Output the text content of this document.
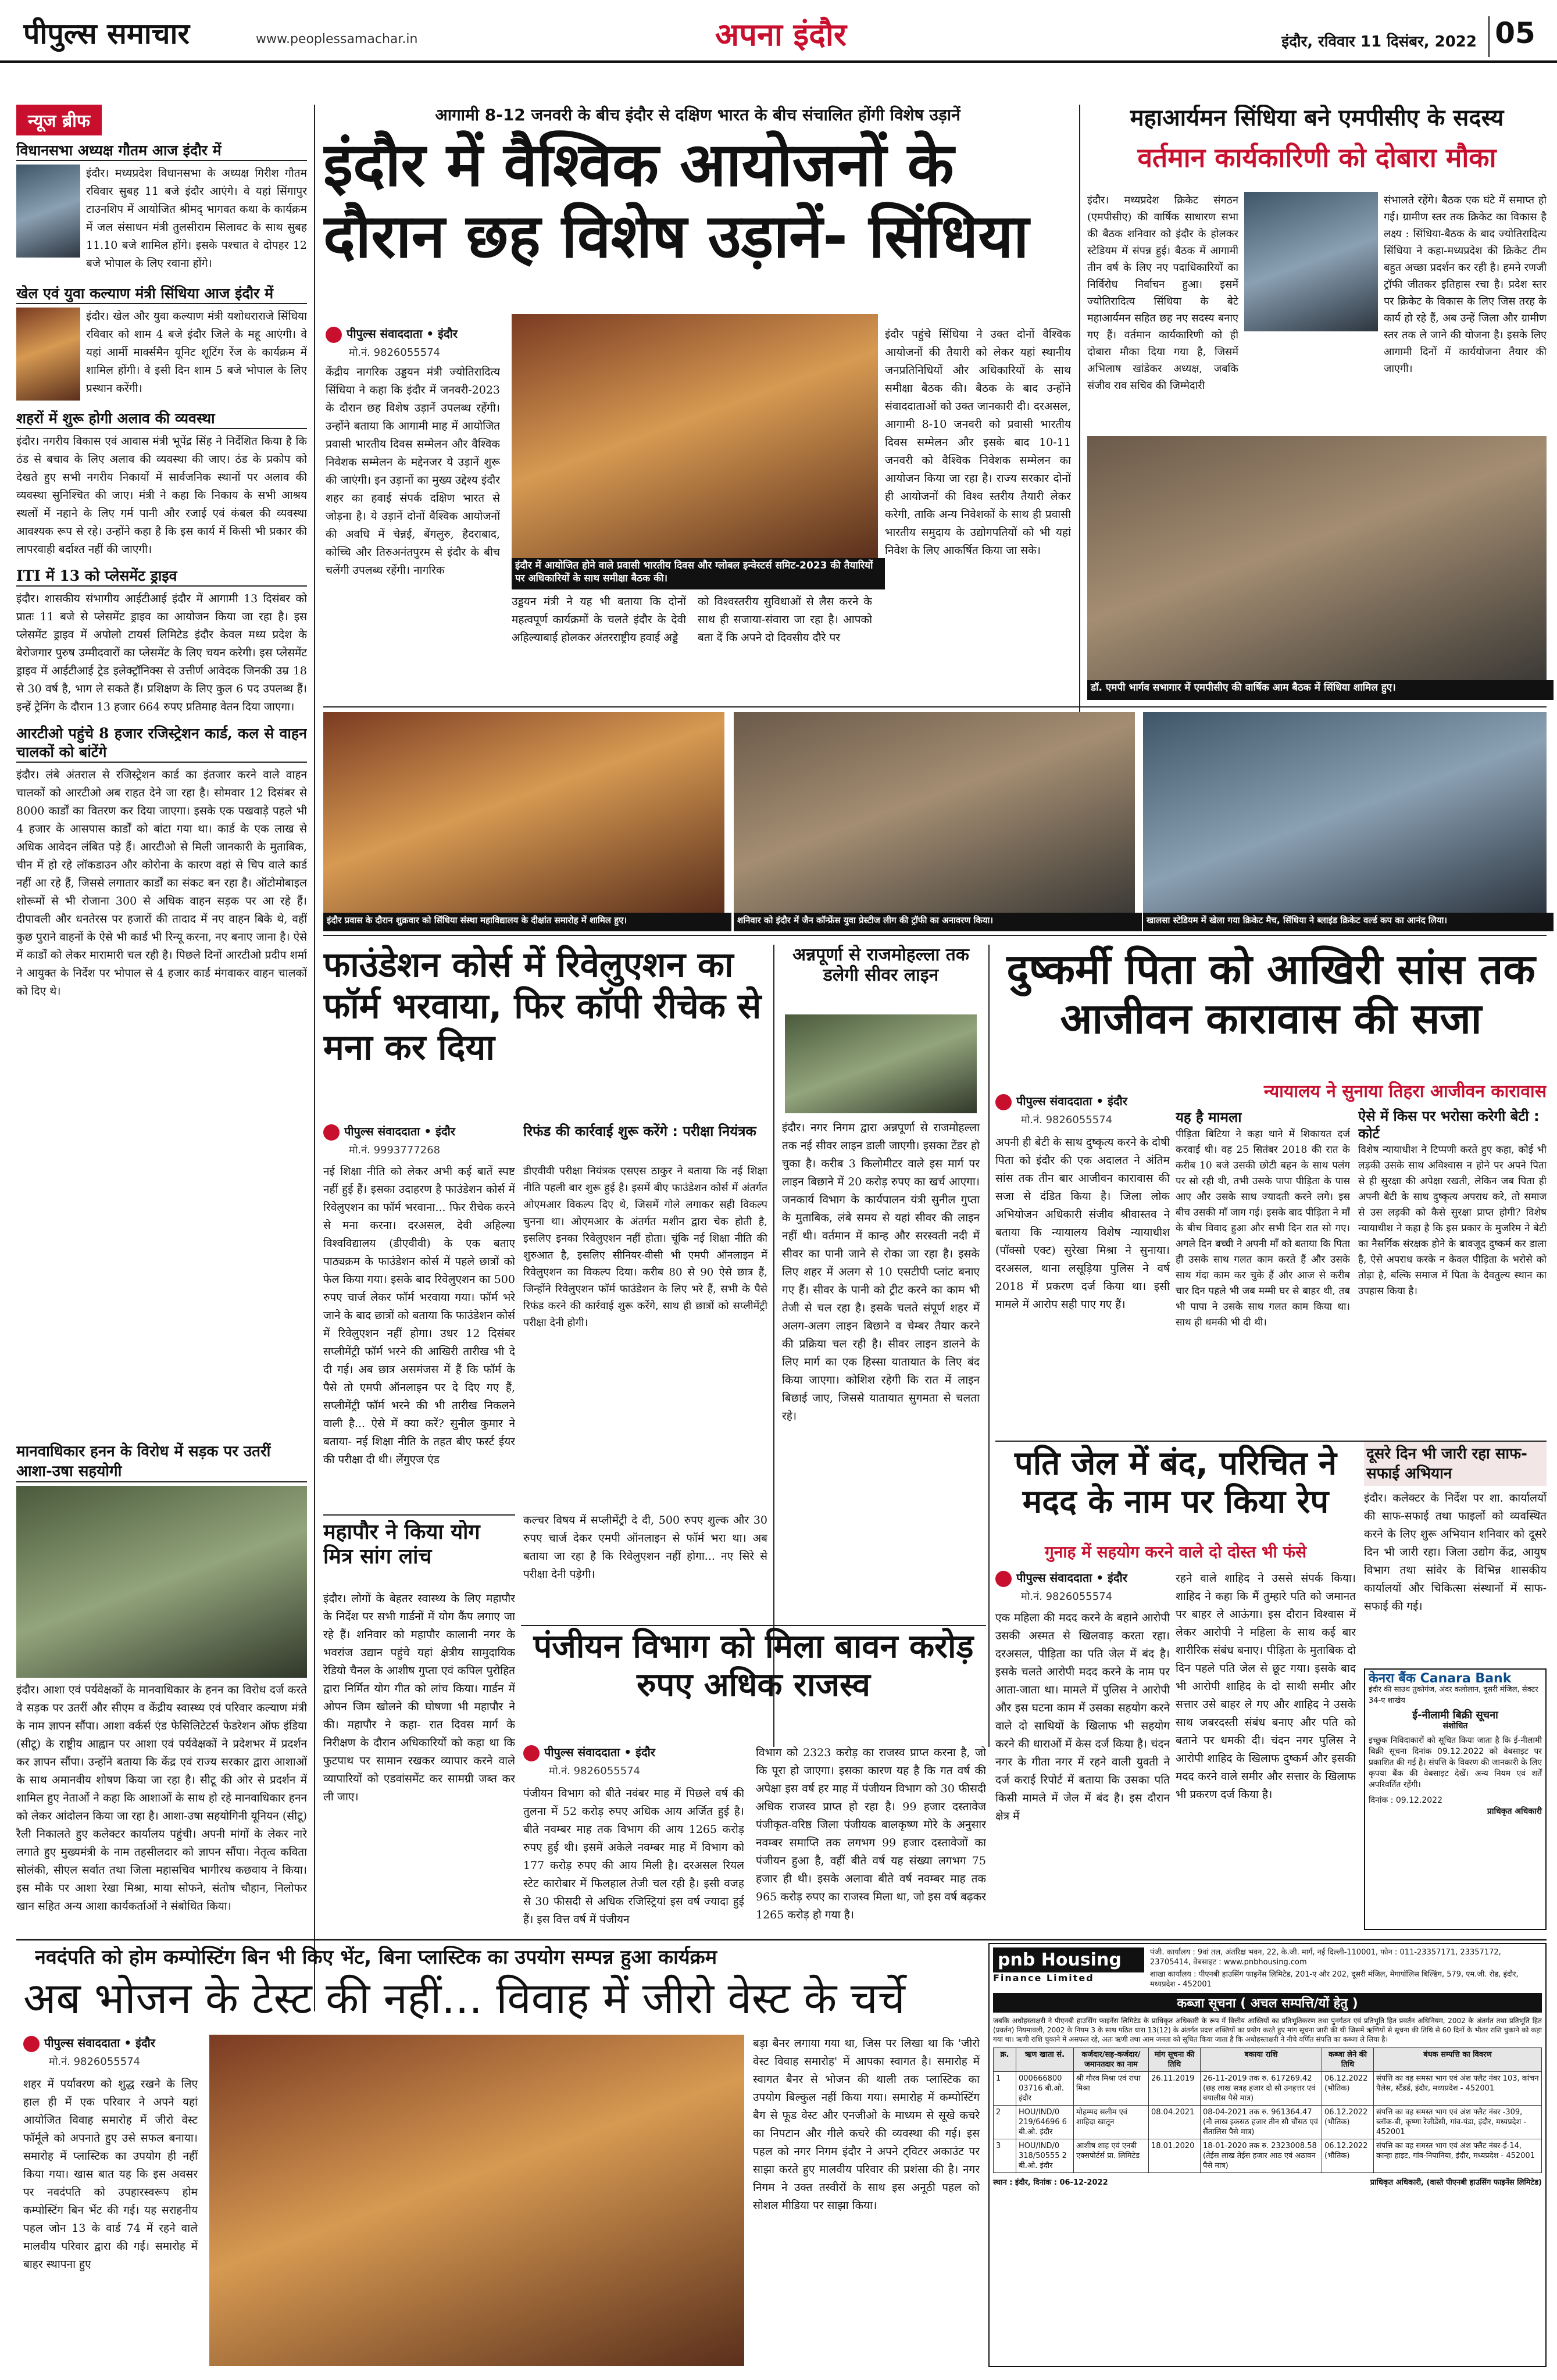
पीपुल्स समाचार	www.peoplessamachar.in	अपना इंदौर	इंदौर, रविवार 11 दिसंबर, 2022 05
न्यूज ब्रीफ
विधानसभा अध्यक्ष गौतम आज इंदौर में

इंदौर। मध्यप्रदेश विधानसभा के अध्यक्ष गिरीश गौतम रविवार सुबह 11 बजे इंदौर आएंगे। वे यहां सिंगापुर टाउनशिप में आयोजित श्रीमद् भागवत कथा के कार्यक्रम में जल संसाधन मंत्री तुलसीराम सिलावट के साथ सुबह 11.10 बजे शामिल होंगे। इसके पश्चात वे दोपहर 12 बजे भोपाल के लिए रवाना होंगे।

खेल एवं युवा कल्याण मंत्री सिंधिया आज इंदौर में

इंदौर। खेल और युवा कल्याण मंत्री यशोधराराजे सिंधिया रविवार को शाम 4 बजे इंदौर जिले के महू आएंगी। वे यहां आर्मी मार्क्समैन यूनिट शूटिंग रेंज के कार्यक्रम में शामिल होंगी। वे इसी दिन शाम 5 बजे भोपाल के लिए प्रस्थान करेंगी।

शहरों में शुरू होगी अलाव की व्यवस्था

इंदौर। नगरीय विकास एवं आवास मंत्री भूपेंद्र सिंह ने निर्देशित किया है कि ठंड से बचाव के लिए अलाव की व्यवस्था की जाए। ठंड के प्रकोप को देखते हुए सभी नगरीय निकायों में सार्वजनिक स्थानों पर अलाव की व्यवस्था सुनिश्चित की जाए। मंत्री ने कहा कि निकाय के सभी आश्रय स्थलों में नहाने के लिए गर्म पानी और रजाई एवं कंबल की व्यवस्था आवश्यक रूप से रहे। उन्होंने कहा है कि इस कार्य में किसी भी प्रकार की लापरवाही बर्दाश्त नहीं की जाएगी।

ITI में 13 को प्लेसमेंट ड्राइव

इंदौर। शासकीय संभागीय आईटीआई इंदौर में आगामी 13 दिसंबर को प्रातः 11 बजे से प्लेसमेंट ड्राइव का आयोजन किया जा रहा है। इस प्लेसमेंट ड्राइव में अपोलो टायर्स लिमिटेड इंदौर केवल मध्य प्रदेश के बेरोजगार पुरुष उम्मीदवारों का प्लेसमेंट के लिए चयन करेगी। इस प्लेसमेंट ड्राइव में आईटीआई ट्रेड इलेक्ट्रॉनिक्स से उत्तीर्ण आवेदक जिनकी उम्र 18 से 30 वर्ष है, भाग ले सकते हैं। प्रशिक्षण के लिए कुल 6 पद उपलब्ध हैं। इन्हें ट्रेनिंग के दौरान 13 हजार 664 रुपए प्रतिमाह वेतन दिया जाएगा।

आरटीओ पहुंचे 8 हजार रजिस्ट्रेशन कार्ड, कल से वाहन चालकों को बांटेंगे

इंदौर। लंबे अंतराल से रजिस्ट्रेशन कार्ड का इंतजार करने वाले वाहन चालकों को आरटीओ अब राहत देने जा रहा है। सोमवार 12 दिसंबर से 8000 कार्डों का वितरण कर दिया जाएगा। इसके एक पखवाड़े पहले भी 4 हजार के आसपास कार्डों को बांटा गया था। कार्ड के एक लाख से अधिक आवेदन लंबित पड़े हैं। आरटीओ से मिली जानकारी के मुताबिक, चीन में हो रहे लॉकडाउन और कोरोना के कारण वहां से चिप वाले कार्ड नहीं आ रहे हैं, जिससे लगातार कार्डों का संकट बन रहा है। ऑटोमोबाइल शोरूमों से भी रोजाना 300 से अधिक वाहन सड़क पर आ रहे हैं। दीपावली और धनतेरस पर हजारों की तादाद में नए वाहन बिके थे, वहीं कुछ पुराने वाहनों के ऐसे भी कार्ड भी रिन्यू करना, नए बनाए जाना है। ऐसे में कार्डों को लेकर मारामारी चल रही है। पिछले दिनों आरटीओ प्रदीप शर्मा ने आयुक्त के निर्देश पर भोपाल से 4 हजार कार्ड मंगवाकर वाहन चालकों को दिए थे।

मानवाधिकार हनन के विरोध में सड़क पर उतरीं आशा-उषा सहयोगी

इंदौर। आशा एवं पर्यवेक्षकों के मानवाधिकार के हनन का विरोध दर्ज करते वे सड़क पर उतरीं और सीएम व केंद्रीय स्वास्थ्य एवं परिवार कल्याण मंत्री के नाम ज्ञापन सौंपा। आशा वर्कर्स एंड फेसिलिटेटर्स फेडरेशन ऑफ इंडिया (सीटू) के राष्ट्रीय आह्वान पर आशा एवं पर्यवेक्षकों ने प्रदेशभर में प्रदर्शन कर ज्ञापन सौंपा। उन्होंने बताया कि केंद्र एवं राज्य सरकार द्वारा आशाओं के साथ अमानवीय शोषण किया जा रहा है। सीटू की ओर से प्रदर्शन में शामिल हुए नेताओं ने कहा कि आशाओं के साथ हो रहे मानवाधिकार हनन को लेकर आंदोलन किया जा रहा है। आशा-उषा सहयोगिनी यूनियन (सीटू) रैली निकालते हुए कलेक्टर कार्यालय पहुंची। अपनी मांगों के लेकर नारे लगाते हुए मुख्यमंत्री के नाम तहसीलदार को ज्ञापन सौंपा। नेतृत्व कविता सोलंकी, सीएल सर्वात तथा जिला महासचिव भागीरथ कछवाय ने किया। इस मौके पर आशा रेखा मिश्रा, माया सोफने, संतोष चौहान, निलोफर खान सहित अन्य आशा कार्यकर्ताओं ने संबोधित किया।

आगामी 8-12 जनवरी के बीच इंदौर से दक्षिण भारत के बीच संचालित होंगी विशेष उड़ानें
इंदौर में वैश्विक आयोजनों के दौरान छह विशेष उड़ानें- सिंधिया
पीपुल्स संवाददाता • इंदौर
मो.नं. 9826055574

केंद्रीय नागरिक उड्डयन मंत्री ज्योतिरादित्य सिंधिया ने कहा कि इंदौर में जनवरी-2023 के दौरान छह विशेष उड़ानें उपलब्ध रहेंगी। उन्होंने बताया कि आगामी माह में आयोजित प्रवासी भारतीय दिवस सम्मेलन और वैश्विक निवेशक सम्मेलन के मद्देनजर ये उड़ानें शुरू की जाएंगी। इन उड़ानों का मुख्य उद्देश्य इंदौर शहर का हवाई संपर्क दक्षिण भारत से जोड़ना है। ये उड़ानें दोनों वैश्विक आयोजनों की अवधि में चेन्नई, बेंगलुरु, हैदराबाद, कोच्चि और तिरुअनंतपुरम से इंदौर के बीच चलेंगी उपलब्ध रहेंगी। नागरिक	इंदौर में आयोजित होने वाले प्रवासी भारतीय दिवस और ग्लोबल इन्वेस्टर्स समिट-2023 की तैयारियों पर अधिकारियों के साथ समीक्षा बैठक की।

उड्डयन मंत्री ने यह भी बताया कि दोनों महत्वपूर्ण कार्यक्रमों के चलते इंदौर के देवी अहिल्याबाई होलकर अंतरराष्ट्रीय हवाई अड्डे

को विश्वस्तरीय सुविधाओं से लैस करने के साथ ही सजाया-संवारा जा रहा है। आपको बता दें कि अपने दो दिवसीय दौरे पर

इंदौर पहुंचे सिंधिया ने उक्त दोनों वैश्विक आयोजनों की तैयारी को लेकर यहां स्थानीय जनप्रतिनिधियों और अधिकारियों के साथ समीक्षा बैठक की। बैठक के बाद उन्होंने संवाददाताओं को उक्त जानकारी दी। दरअसल, आगामी 8-10 जनवरी को प्रवासी भारतीय दिवस सम्मेलन और इसके बाद 10-11 जनवरी को वैश्विक निवेशक सम्मेलन का आयोजन किया जा रहा है। राज्य सरकार दोनों ही आयोजनों की विश्व स्तरीय तैयारी लेकर करेगी, ताकि अन्य निवेशकों के साथ ही प्रवासी भारतीय समुदाय के उद्योगपतियों को भी यहां निवेश के लिए आकर्षित किया जा सके।

महाआर्यमन सिंधिया बने एमपीसीए के सदस्य
वर्तमान कार्यकारिणी को दोबारा मौका

इंदौर। मध्यप्रदेश क्रिकेट संगठन (एमपीसीए) की वार्षिक साधारण सभा की बैठक शनिवार को इंदौर के होलकर स्टेडियम में संपन्न हुई। बैठक में आगामी तीन वर्ष के लिए नए पदाधिकारियों का निर्विरोध निर्वाचन हुआ। इसमें ज्योतिरादित्य सिंधिया के बेटे महाआर्यमन सहित छह नए सदस्य बनाए गए हैं। वर्तमान कार्यकारिणी को ही दोबारा मौका दिया गया है, जिसमें अभिलाष खांडेकर अध्यक्ष, जबकि संजीव राव सचिव की जिम्मेदारी

संभालते रहेंगे। बैठक एक घंटे में समाप्त हो गई। ग्रामीण स्तर तक क्रिकेट का विकास है लक्ष्य : सिंधिया-बैठक के बाद ज्योतिरादित्य सिंधिया ने कहा-मध्यप्रदेश की क्रिकेट टीम बहुत अच्छा प्रदर्शन कर रही है। हमने रणजी ट्रॉफी जीतकर इतिहास रचा है। प्रदेश स्तर पर क्रिकेट के विकास के लिए जिस तरह के कार्य हो रहे हैं, अब उन्हें जिला और ग्रामीण स्तर तक ले जाने की योजना है। इसके लिए आगामी दिनों में कार्ययोजना तैयार की जाएगी।

डॉ. एमपी भार्गव सभागार में एमपीसीए की वार्षिक आम बैठक में सिंधिया शामिल हुए।
इंदौर प्रवास के दौरान शुक्रवार को सिंधिया संस्था महाविद्यालय के दीक्षांत समारोह में शामिल हुए।	शनिवार को इंदौर में जैन कॉन्फ्रेंस युवा प्रेस्टीज लीग की ट्रॉफी का अनावरण किया।	खालसा स्टेडियम में खेला गया क्रिकेट मैच, सिंधिया ने ब्लाइंड क्रिकेट वर्ल्ड कप का आनंद लिया।
फाउंडेशन कोर्स में रिवेलुएशन का फॉर्म भरवाया, फिर कॉपी रीचेक से मना कर दिया
पीपुल्स संवाददाता • इंदौर
मो.नं. 9993777268

नई शिक्षा नीति को लेकर अभी कई बातें स्पष्ट नहीं हुई हैं। इसका उदाहरण है फाउंडेशन कोर्स में रिवेलुएशन का फॉर्म भरवाना... फिर रीचेक करने से मना करना। दरअसल, देवी अहिल्या विश्वविद्यालय (डीएवीवी) के एक बताए पाठ्यक्रम के फाउंडेशन कोर्स में पहले छात्रों को फेल किया गया। इसके बाद रिवेलुएशन का 500 रुपए चार्ज लेकर फॉर्म भरवाया गया। फॉर्म भरे जाने के बाद छात्रों को बताया कि फाउंडेशन कोर्स में रिवेलुएशन नहीं होगा। उधर 12 दिसंबर सप्लीमेंट्री फॉर्म भरने की आखिरी तारीख भी दे दी गई। अब छात्र असमंजस में हैं कि फॉर्म के पैसे तो एमपी ऑनलाइन पर दे दिए गए हैं, सप्लीमेंट्री फॉर्म भरने की भी तारीख निकलने वाली है... ऐसे में क्या करें? सुनील कुमार ने बताया- नई शिक्षा नीति के तहत बीए फर्स्ट ईयर की परीक्षा दी थी। लेंगुएज एंड

रिफंड की कार्रवाई शुरू करेंगे : परीक्षा नियंत्रक

डीएवीवी परीक्षा नियंत्रक एसएस ठाकुर ने बताया कि नई शिक्षा नीति पहली बार शुरू हुई है। इसमें बीए फाउंडेशन कोर्स में अंतर्गत ओएमआर विकल्प दिए थे, जिसमें गोले लगाकर सही विकल्प चुनना था। ओएमआर के अंतर्गत मशीन द्वारा चेक होती है, इसलिए इनका रिवेलुएशन नहीं होता। चूंकि नई शिक्षा नीति की शुरुआत है, इसलिए सीनियर-वीसी भी एमपी ऑनलाइन में रिवेलुएशन का विकल्प दिया। करीब 80 से 90 ऐसे छात्र हैं, जिन्होंने रिवेलुएशन फॉर्म फाउंडेशन के लिए भरे हैं, सभी के पैसे रिफंड करने की कार्रवाई शुरू करेंगे, साथ ही छात्रों को सप्लीमेंट्री परीक्षा देनी होगी।

कल्चर विषय में सप्लीमेंट्री दे दी, 500 रुपए शुल्क और 30 रुपए चार्ज देकर एमपी ऑनलाइन से फॉर्म भरा था। अब बताया जा रहा है कि रिवेलुएशन नहीं होगा... नए सिरे से परीक्षा देनी पड़ेगी।

महापौर ने किया योग मित्र सांग लांच

इंदौर। लोगों के बेहतर स्वास्थ्य के लिए महापौर के निर्देश पर सभी गार्डनों में योग कैंप लगाए जा रहे हैं। शनिवार को महापौर कालानी नगर के भवरांज उद्यान पहुंचे यहां क्षेत्रीय सामुदायिक रेडियो चैनल के आशीष गुप्ता एवं कपिल पुरोहित द्वारा निर्मित योग गीत को लांच किया। गार्डन में ओपन जिम खोलने की घोषणा भी महापौर ने की। महापौर ने कहा- रात दिवस मार्ग के निरीक्षण के दौरान अधिकारियों को कहा था कि फुटपाथ पर सामान रखकर व्यापार करने वाले व्यापारियों को एडवांसमेंट कर सामग्री जब्त कर ली जाए।

अन्नपूर्णा से राजमोहल्ला तक डलेगी सीवर लाइन

इंदौर। नगर निगम द्वारा अन्नपूर्णा से राजमोहल्ला तक नई सीवर लाइन डाली जाएगी। इसका टेंडर हो चुका है। करीब 3 किलोमीटर वाले इस मार्ग पर लाइन बिछाने में 20 करोड़ रुपए का खर्च आएगा। जनकार्य विभाग के कार्यपालन यंत्री सुनील गुप्ता के मुताबिक, लंबे समय से यहां सीवर की लाइन नहीं थी। वर्तमान में कान्ह और सरस्वती नदी में सीवर का पानी जाने से रोका जा रहा है। इसके लिए शहर में अलग से 10 एसटीपी प्लांट बनाए गए हैं। सीवर के पानी को ट्रीट करने का काम भी तेजी से चल रहा है। इसके चलते संपूर्ण शहर में अलग-अलग लाइन बिछाने व चेम्बर तैयार करने की प्रक्रिया चल रही है। सीवर लाइन डालने के लिए मार्ग का एक हिस्सा यातायात के लिए बंद किया जाएगा। कोशिश रहेगी कि रात में लाइन बिछाई जाए, जिससे यातायात सुगमता से चलता रहे।

दुष्कर्मी पिता को आखिरी सांस तक आजीवन कारावास की सजा
न्यायालय ने सुनाया तिहरा आजीवन कारावास
पीपुल्स संवाददाता • इंदौर
मो.नं. 9826055574

अपनी ही बेटी के साथ दुष्कृत्य करने के दोषी पिता को इंदौर की एक अदालत ने अंतिम सांस तक तीन बार आजीवन कारावास की सजा से दंडित किया है। जिला लोक अभियोजन अधिकारी संजीव श्रीवास्तव ने बताया कि न्यायालय विशेष न्यायाधीश (पॉक्सो एक्ट) सुरेखा मिश्रा ने सुनाया। दरअसल, थाना लसूड़िया पुलिस ने वर्ष 2018 में प्रकरण दर्ज किया था। इसी मामले में आरोप सही पाए गए हैं।

यह है मामला

पीड़िता बिटिया ने कहा थाने में शिकायत दर्ज करवाई थी। वह 25 सितंबर 2018 की रात के करीब 10 बजे उसकी छोटी बहन के साथ पलंग पर सो रही थी, तभी उसके पापा पीड़िता के पास आए और उसके साथ ज्यादती करने लगे। इस बीच उसकी माँ जाग गई। इसके बाद पीड़िता ने माँ के बीच विवाद हुआ और सभी दिन रात सो गए। अगले दिन बच्ची ने अपनी माँ को बताया कि पिता ही उसके साथ गलत काम करते हैं और उसके साथ गंदा काम कर चुके हैं और आज से करीब चार दिन पहले भी जब मम्मी घर से बाहर थी, तब भी पापा ने उसके साथ गलत काम किया था। साथ ही धमकी भी दी थी।

ऐसे में किस पर भरोसा करेगी बेटी : कोर्ट

विशेष न्यायाधीश ने टिप्पणी करते हुए कहा, कोई भी लड़की उसके साथ अविश्वास न होने पर अपने पिता से ही सुरक्षा की अपेक्षा रखती, लेकिन जब पिता ही अपनी बेटी के साथ दुष्कृत्य अपराध करे, तो समाज से उस लड़की को कैसे सुरक्षा प्राप्त होगी? विशेष न्यायाधीश ने कहा है कि इस प्रकार के मुजरिम ने बेटी का नैसर्गिक संरक्षक होने के बावजूद दुष्कर्म कर डाला है, ऐसे अपराध करके न केवल पीड़िता के भरोसे को तोड़ा है, बल्कि समाज में पिता के दैवतुल्य स्थान का उपहास किया है।

पति जेल में बंद, परिचित ने मदद के नाम पर किया रेप
गुनाह में सहयोग करने वाले दो दोस्त भी फंसे
पीपुल्स संवाददाता • इंदौर
मो.नं. 9826055574

एक महिला की मदद करने के बहाने आरोपी उसकी अस्मत से खिलवाड़ करता रहा। दरअसल, पीड़िता का पति जेल में बंद है। इसके चलते आरोपी मदद करने के नाम पर आता-जाता था। मामले में पुलिस ने आरोपी और इस घटना काम में उसका सहयोग करने वाले दो साथियों के खिलाफ भी सहयोग करने की धाराओं में केस दर्ज किया है। चंदन नगर के गीता नगर में रहने वाली युवती ने दर्ज कराई रिपोर्ट में बताया कि उसका पति किसी मामले में जेल में बंद है। इस दौरान क्षेत्र में

रहने वाले शाहिद ने उससे संपर्क किया। शाहिद ने कहा कि मैं तुम्हारे पति को जमानत पर बाहर ले आऊंगा। इस दौरान विश्वास में लेकर आरोपी ने महिला के साथ कई बार शारीरिक संबंध बनाए। पीड़िता के मुताबिक दो दिन पहले पति जेल से छूट गया। इसके बाद भी आरोपी शाहिद के दो साथी समीर और सत्तार उसे बाहर ले गए और शाहिद ने उसके साथ जबरदस्ती संबंध बनाए और पति को बताने पर धमकी दी। चंदन नगर पुलिस ने आरोपी शाहिद के खिलाफ दुष्कर्म और इसकी मदद करने वाले समीर और सत्तार के खिलाफ भी प्रकरण दर्ज किया है।

दूसरे दिन भी जारी रहा साफ-सफाई अभियान

इंदौर। कलेक्टर के निर्देश पर शा. कार्यालयों की साफ-सफाई तथा फाइलों को व्यवस्थित करने के लिए शुरू अभियान शनिवार को दूसरे दिन भी जारी रहा। जिला उद्योग केंद्र, आयुष विभाग तथा सांवेर के विभिन्न शासकीय कार्यालयों और चिकित्सा संस्थानों में साफ-सफाई की गई।

केनरा बैंक Canara Bank
इंदौर की साउथ तुकोगंज, अंदर कलोलान, दूसरी मंजिल, सेक्टर 34-ए शाखेय
ई-नीलामी बिक्री सूचना
संशोधित
इच्छुक निविदाकारों को सूचित किया जाता है कि ई-नीलामी बिक्री सूचना दिनांक 09.12.2022 को वेबसाइट पर प्रकाशित की गई है। संपत्ति के विवरण की जानकारी के लिए कृपया बैंक की वेबसाइट देखें। अन्य नियम एवं शर्तें अपरिवर्तित रहेंगी।
दिनांक : 09.12.2022
प्राधिकृत अधिकारी
पंजीयन विभाग को मिला बावन करोड़ रुपए अधिक राजस्व
पीपुल्स संवाददाता • इंदौर
मो.नं. 9826055574

पंजीयन विभाग को बीते नवंबर माह में पिछले वर्ष की तुलना में 52 करोड़ रुपए अधिक आय अर्जित हुई है। बीते नवम्बर माह तक विभाग की आय 1265 करोड़ रुपए हुई थी। इसमें अकेले नवम्बर माह में विभाग को 177 करोड़ रुपए की आय मिली है। दरअसल रियल स्टेट कारोबार में फिलहाल तेजी चल रही है। इसी वजह से 30 फीसदी से अधिक रजिस्ट्रियां इस वर्ष ज्यादा हुई हैं। इस वित्त वर्ष में पंजीयन

विभाग को 2323 करोड़ का राजस्व प्राप्त करना है, जो कि पूरा हो जाएगा। इसका कारण यह है कि गत वर्ष की अपेक्षा इस वर्ष हर माह में पंजीयन विभाग को 30 फीसदी अधिक राजस्व प्राप्त हो रहा है। 99 हजार दस्तावेज पंजीकृत-वरिष्ठ जिला पंजीयक बालकृष्ण मोरे के अनुसार नवम्बर समाप्ति तक लगभग 99 हजार दस्तावेजों का पंजीयन हुआ है, वहीं बीते वर्ष यह संख्या लगभग 75 हजार ही थी। इसके अलावा बीते वर्ष नवम्बर माह तक 965 करोड़ रुपए का राजस्व मिला था, जो इस वर्ष बढ़कर 1265 करोड़ हो गया है।

नवदंपति को होम कम्पोस्टिंग बिन भी किए भेंट, बिना प्लास्टिक का उपयोग सम्पन्न हुआ कार्यक्रम
अब भोजन के टेस्ट की नहीं... विवाह में जीरो वेस्ट के चर्चे
पीपुल्स संवाददाता • इंदौर
मो.नं. 9826055574

शहर में पर्यावरण को शुद्ध रखने के लिए हाल ही में एक परिवार ने अपने यहां आयोजित विवाह समारोह में जीरो वेस्ट फॉर्मूले को अपनाते हुए उसे सफल बनाया। समारोह में प्लास्टिक का उपयोग ही नहीं किया गया। खास बात यह कि इस अवसर पर नवदंपति को उपहारस्वरूप होम कम्पोस्टिंग बिन भेंट की गई। यह सराहनीय पहल जोन 13 के वार्ड 74 में रहने वाले मालवीय परिवार द्वारा की गई। समारोह में बाहर स्थापना हुए

बड़ा बैनर लगाया गया था, जिस पर लिखा था कि 'जीरो वेस्ट विवाह समारोह' में आपका स्वागत है। समारोह में स्वागत बैनर से भोजन की थाली तक प्लास्टिक का उपयोग बिल्कुल नहीं किया गया। समारोह में कम्पोस्टिंग बैग से फूड वेस्ट और एनजीओ के माध्यम से सूखे कचरे का निपटान और गीले कचरे की व्यवस्था की गई। इस पहल को नगर निगम इंदौर ने अपने ट्विटर अकाउंट पर साझा करते हुए मालवीय परिवार की प्रशंसा की है। नगर निगम ने उक्त तस्वीरों के साथ इस अनूठी पहल को सोशल मीडिया पर साझा किया।

pnb Housing
Finance Limited
पंजी. कार्यालय : 9वां तल, अंतरिक्ष भवन, 22, के.जी. मार्ग, नई दिल्ली-110001, फोन : 011-23357171, 23357172, 23705414, वेबसाइट : www.pnbhousing.com
शाखा कार्यालय : पीएनबी हाउसिंग फाइनेंस लिमिटेड, 201-ए और 202, दूसरी मंजिल, मेगापॉलिस बिल्डिंग, 579, एम.जी. रोड, इंदौर, मध्यप्रदेश - 452001
कब्जा सूचना ( अचल सम्पत्ति/यों हेतु )
जबकि अधोहस्ताक्षरी ने पीएनबी हाउसिंग फाइनेंस लिमिटेड के प्राधिकृत अधिकारी के रूप में वित्तीय आस्तियों का प्रतिभूतिकरण तथा पुनर्गठन एवं प्रतिभूति हित प्रवर्तन अधिनियम, 2002 के अंतर्गत तथा प्रतिभूति हित (प्रवर्तन) नियमावली, 2002 के नियम 3 के साथ पठित धारा 13(12) के अंतर्गत प्रदत्त शक्तियों का प्रयोग करते हुए मांग सूचना जारी की थी जिसमें ऋणियों से सूचना की तिथि से 60 दिनों के भीतर राशि चुकाने को कहा गया था। ऋणी राशि चुकाने में असफल रहे, अतः ऋणी तथा आम जनता को सूचित किया जाता है कि अधोहस्ताक्षरी ने नीचे वर्णित संपत्ति का कब्जा ले लिया है।
क्र.	ऋण खाता सं.	कर्जदार/सह-कर्जदार/जमानतदार का नाम	मांग सूचना की तिथि	बकाया राशि	कब्जा लेने की तिथि	बंधक सम्पत्ति का विवरण
1	000666800 03716 बी.ओ. इंदौर	श्री गौरव मिश्रा एवं राधा मिश्रा	26.11.2019	26-11-2019 तक रु. 617269.42 (छह लाख सत्रह हजार दो सौ उनहत्तर एवं बयालीस पैसे मात्र)	06.12.2022 (भौतिक)	संपत्ति का वह समस्त भाग एवं अंश फ्लैट नंबर 103, कांचन पैलेस, स्टैंडर्ड, इंदौर, मध्यप्रदेश - 452001
2	HOU/IND/0 219/64696 6 बी.ओ. इंदौर	मोहम्मद सलीम एवं शाहिदा खातून	08.04.2021	08-04-2021 तक रु. 961364.47 (नौ लाख इकसठ हजार तीन सौ चौंसठ एवं सैंतालिस पैसे मात्र)	06.12.2022 (भौतिक)	संपत्ति का वह समस्त भाग एवं अंश फ्लैट नंबर -309, ब्लॉक-बी, कृष्णा रेजीडेंसी, गांव-पंडा, इंदौर, मध्यप्रदेश - 452001
3	HOU/IND/0 318/50555 2 बी.ओ. इंदौर	आशीष शाह एवं एनबी एक्सपोर्टर्स प्रा. लिमिटेड	18.01.2020	18-01-2020 तक रु. 2323008.58 (तेईस लाख तेईस हजार आठ एवं अठावन पैसे मात्र)	06.12.2022 (भौतिक)	संपत्ति का वह समस्त भाग एवं अंश फ्लैट नंबर-ई-14, कान्हा हाइट, गांव-निपानिया, इंदौर, मध्यप्रदेश - 452001
स्थान : इंदौर, दिनांक : 06-12-2022	प्राधिकृत अधिकारी, (वास्ते पीएनबी हाउसिंग फाइनेंस लिमिटेड)
